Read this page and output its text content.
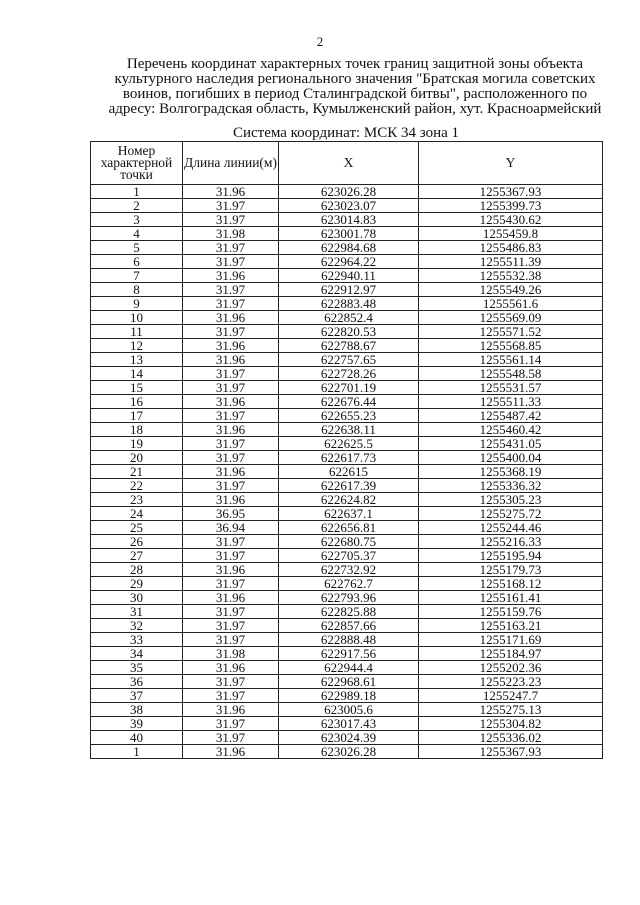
2
Перечень координат характерных точек границ защитной зоны объекта
культурного наследия регионального значения "Братская могила советских
воинов, погибших в период Сталинградской битвы", расположенного по
адресу: Волгоградская область, Кумылженский район, хут. Красноармейский
Система координат: МСК 34 зона 1
Номер характерной точки	Длина линии(м)	X	Y
1	31.96	623026.28	1255367.93
2	31.97	623023.07	1255399.73
3	31.97	623014.83	1255430.62
4	31.98	623001.78	1255459.8
5	31.97	622984.68	1255486.83
6	31.97	622964.22	1255511.39
7	31.96	622940.11	1255532.38
8	31.97	622912.97	1255549.26
9	31.97	622883.48	1255561.6
10	31.96	622852.4	1255569.09
11	31.97	622820.53	1255571.52
12	31.96	622788.67	1255568.85
13	31.96	622757.65	1255561.14
14	31.97	622728.26	1255548.58
15	31.97	622701.19	1255531.57
16	31.96	622676.44	1255511.33
17	31.97	622655.23	1255487.42
18	31.96	622638.11	1255460.42
19	31.97	622625.5	1255431.05
20	31.97	622617.73	1255400.04
21	31.96	622615	1255368.19
22	31.97	622617.39	1255336.32
23	31.96	622624.82	1255305.23
24	36.95	622637.1	1255275.72
25	36.94	622656.81	1255244.46
26	31.97	622680.75	1255216.33
27	31.97	622705.37	1255195.94
28	31.96	622732.92	1255179.73
29	31.97	622762.7	1255168.12
30	31.96	622793.96	1255161.41
31	31.97	622825.88	1255159.76
32	31.97	622857.66	1255163.21
33	31.97	622888.48	1255171.69
34	31.98	622917.56	1255184.97
35	31.96	622944.4	1255202.36
36	31.97	622968.61	1255223.23
37	31.97	622989.18	1255247.7
38	31.96	623005.6	1255275.13
39	31.97	623017.43	1255304.82
40	31.97	623024.39	1255336.02
1	31.96	623026.28	1255367.93
